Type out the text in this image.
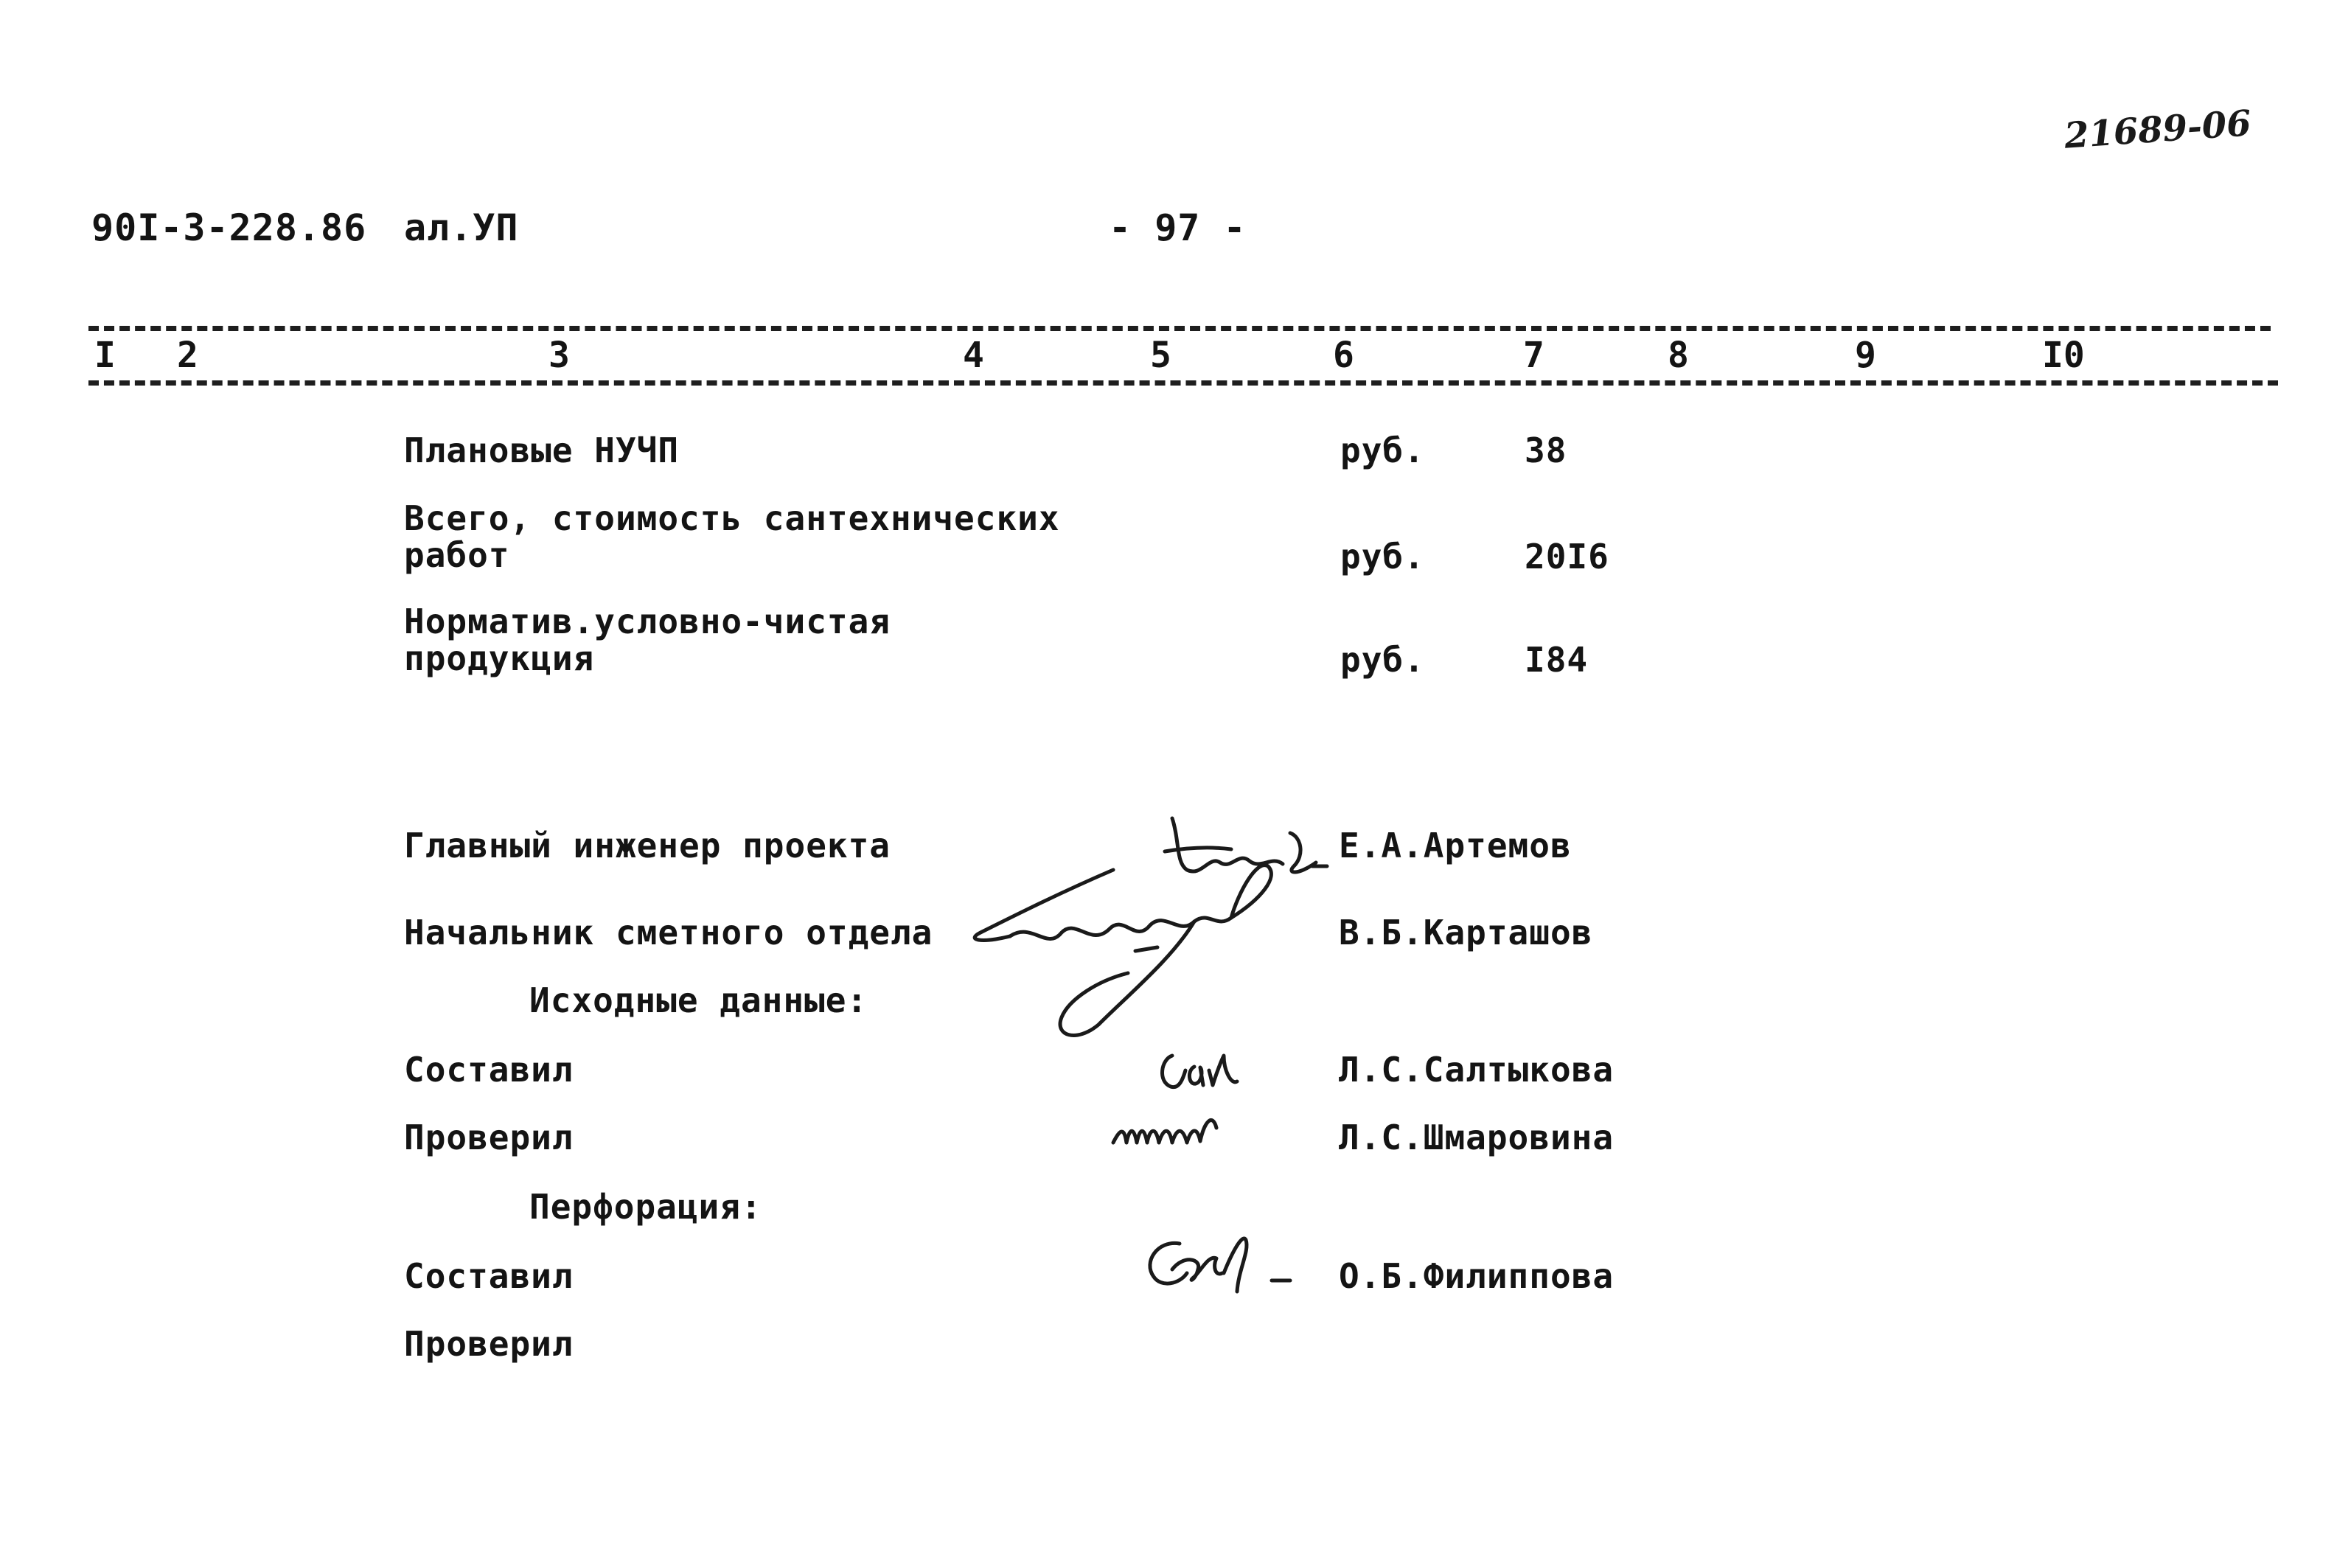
21689-06
90I-3-228.86 ал.УП	- 97 -
I 2	3	4	5	6	7	8	9	I0
Плановые НУЧП	руб.	38
Всего, стоимость сантехнических
работ	руб.	20I6
Норматив.условно-чистая
продукция	руб.	I84
Главный инженер проекта	Е.А.Артемов
Начальник сметного отдела	В.Б.Карташов
Исходные данные:
Составил	Л.С.Салтыкова
Проверил	Л.С.Шмаровина
Перфорация:
Составил	О.Б.Филиппова
Проверил
